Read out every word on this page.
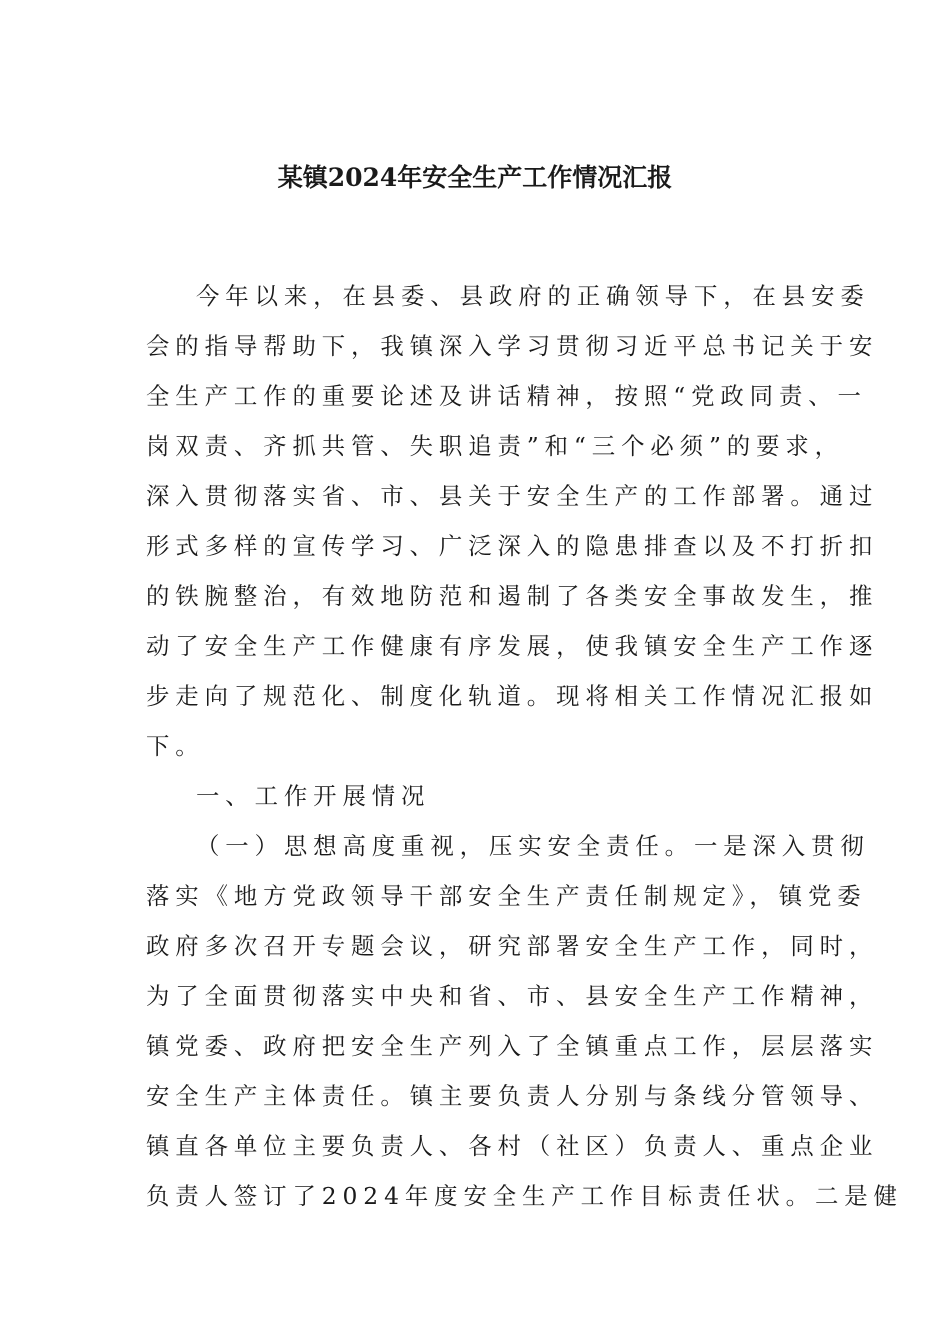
某镇2024年安全生产工作情况汇报
今年以来，在县委、县政府的正确领导下，在县安委
会的指导帮助下，我镇深入学习贯彻习近平总书记关于安
全生产工作的重要论述及讲话精神，按照“党政同责、一
岗双责、齐抓共管、失职追责”和“三个必须”的要求，
深入贯彻落实省、市、县关于安全生产的工作部署。通过
形式多样的宣传学习、广泛深入的隐患排查以及不打折扣
的铁腕整治，有效地防范和遏制了各类安全事故发生，推
动了安全生产工作健康有序发展，使我镇安全生产工作逐
步走向了规范化、制度化轨道。现将相关工作情况汇报如
下。
一、工作开展情况
（一）思想高度重视，压实安全责任。一是深入贯彻
落实《地方党政领导干部安全生产责任制规定》，镇党委
政府多次召开专题会议，研究部署安全生产工作，同时，
为了全面贯彻落实中央和省、市、县安全生产工作精神，
镇党委、政府把安全生产列入了全镇重点工作，层层落实
安全生产主体责任。镇主要负责人分别与条线分管领导、
镇直各单位主要负责人、各村（社区）负责人、重点企业
负责人签订了2024年度安全生产工作目标责任状。二是健
